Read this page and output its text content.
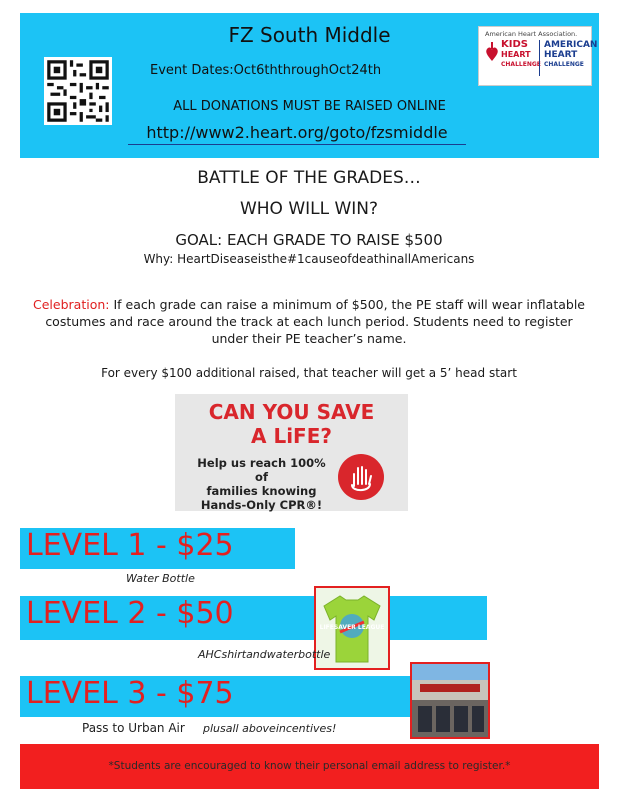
FZ South Middle
Event Dates:Oct6ththroughOct24th
American Heart Association.
KIDS
HEART
CHALLENGE
AMERICAN
HEART
CHALLENGE
ALL DONATIONS MUST BE RAISED ONLINE
http://www2.heart.org/goto/fzsmiddle
BATTLE OF THE GRADES…
WHO WILL WIN?
GOAL: EACH GRADE TO RAISE $500
Why: HeartDiseaseisthe#1causeofdeathinallAmericans
Celebration: If each grade can raise a minimum of $500, the PE staff will wear inflatable costumes and race around the track at each lunch period. Students need to register under their PE teacher’s name.
For every $100 additional raised, that teacher will get a 5’ head start
CAN YOU SAVE
A LiFE?
Help us reach 100% of
families knowing
Hands-Only CPR®!
LEVEL 1 - $25
Water Bottle
LEVEL 2 - $50	LIFESAVER LEAGUE
AHCshirtandwaterbottle
LEVEL 3 - $75
Pass to Urban Air plusall aboveincentives!
*Students are encouraged to know their personal email address to register.*
